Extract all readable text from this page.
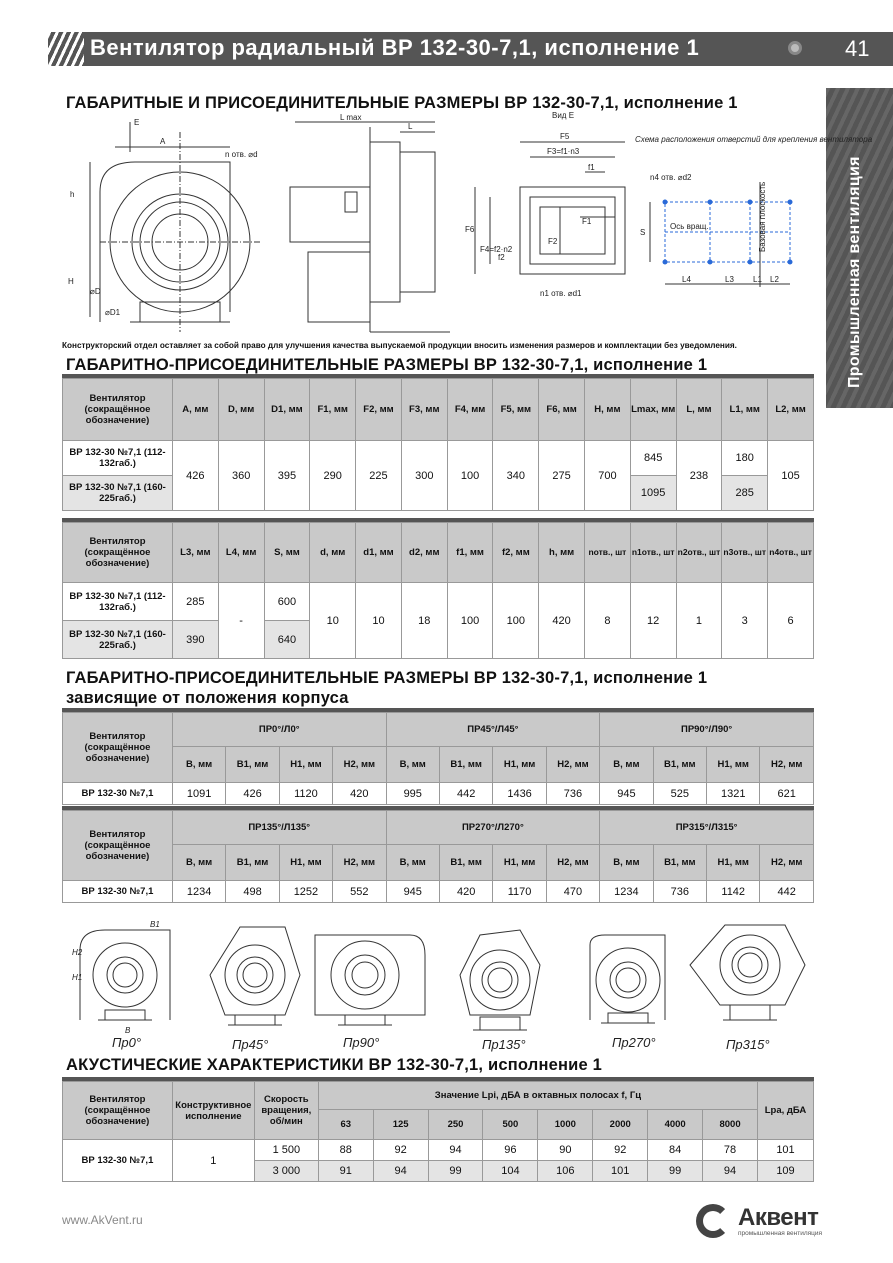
Вентилятор радиальный ВР 132-30-7,1, исполнение 1	41
Промышленная вентиляция
ГАБАРИТНЫЕ И ПРИСОЕДИНИТЕЛЬНЫЕ РАЗМЕРЫ ВР 132-30-7,1, исполнение 1
E
A
n отв. ⌀d
h
H
⌀D
⌀D1
L max
L
Вид E
F5
F3=f1·n3
f1
F6
F4=f2·n2
f2
F1
F2
n1 отв. ⌀d1
Схема расположения отверстий для крепления вентилятора
n4 отв. ⌀d2
Ось вращ.	Базовая плоскость
S
L4	L3 L1 L2
Конструкторский отдел оставляет за собой право для улучшения качества выпускаемой продукции вносить изменения размеров и комплектации без уведомления.
ГАБАРИТНО-ПРИСОЕДИНИТЕЛЬНЫЕ РАЗМЕРЫ ВР 132-30-7,1, исполнение 1
Вентилятор (сокращённое обозначение)	A, мм	D, мм	D1, мм	F1, мм	F2, мм	F3, мм	F4, мм	F5, мм	F6, мм	H, мм	Lmax, мм	L, мм	L1, мм	L2, мм
ВР 132-30 №7,1 (112-132габ.)	426	360	395	290	225	300	100	340	275	700	845	238	180	105
ВР 132-30 №7,1 (160-225габ.)											1095		285	
Вентилятор (сокращённое обозначение)	L3, мм	L4, мм	S, мм	d, мм	d1, мм	d2, мм	f1, мм	f2, мм	h, мм	nотв., шт	n1отв., шт	n2отв., шт	n3отв., шт	n4отв., шт
ВР 132-30 №7,1 (112-132габ.)	285	-	600	10	10	18	100	100	420	8	12	1	3	6
ВР 132-30 №7,1 (160-225габ.)	390		640											
ГАБАРИТНО-ПРИСОЕДИНИТЕЛЬНЫЕ РАЗМЕРЫ ВР 132-30-7,1, исполнение 1
зависящие от положения корпуса
Вентилятор (сокращённое обозначение)	ПР0°/Л0°				ПР45°/Л45°				ПР90°/Л90°			
	B, мм	B1, мм	H1, мм	H2, мм	B, мм	B1, мм	H1, мм	H2, мм	B, мм	B1, мм	H1, мм	H2, мм
ВР 132-30 №7,1	1091	426	1120	420	995	442	1436	736	945	525	1321	621
Вентилятор (сокращённое обозначение)	ПР135°/Л135°				ПР270°/Л270°				ПР315°/Л315°			
	B, мм	B1, мм	H1, мм	H2, мм	B, мм	B1, мм	H1, мм	H2, мм	B, мм	B1, мм	H1, мм	H2, мм
ВР 132-30 №7,1	1234	498	1252	552	945	420	1170	470	1234	736	1142	442
B1
B
H1
H2
Пр0°	Пр45°	Пр90°	Пр135°	Пр270°	Пр315°
АКУСТИЧЕСКИЕ ХАРАКТЕРИСТИКИ ВР 132-30-7,1, исполнение 1
Вентилятор (сокращённое обозначение)	Конструктивное исполнение	Скорость вращения, об/мин	Значение Lpi, дБА в октавных полосах f, Гц								Lpa, дБА
			63	125	250	500	1000	2000	4000	8000	
ВР 132-30 №7,1	1	1 500	88	92	94	96	90	92	84	78	101
		3 000	91	94	99	104	106	101	99	94	109
www.AkVent.ru	Аквент
промышленная вентиляция
